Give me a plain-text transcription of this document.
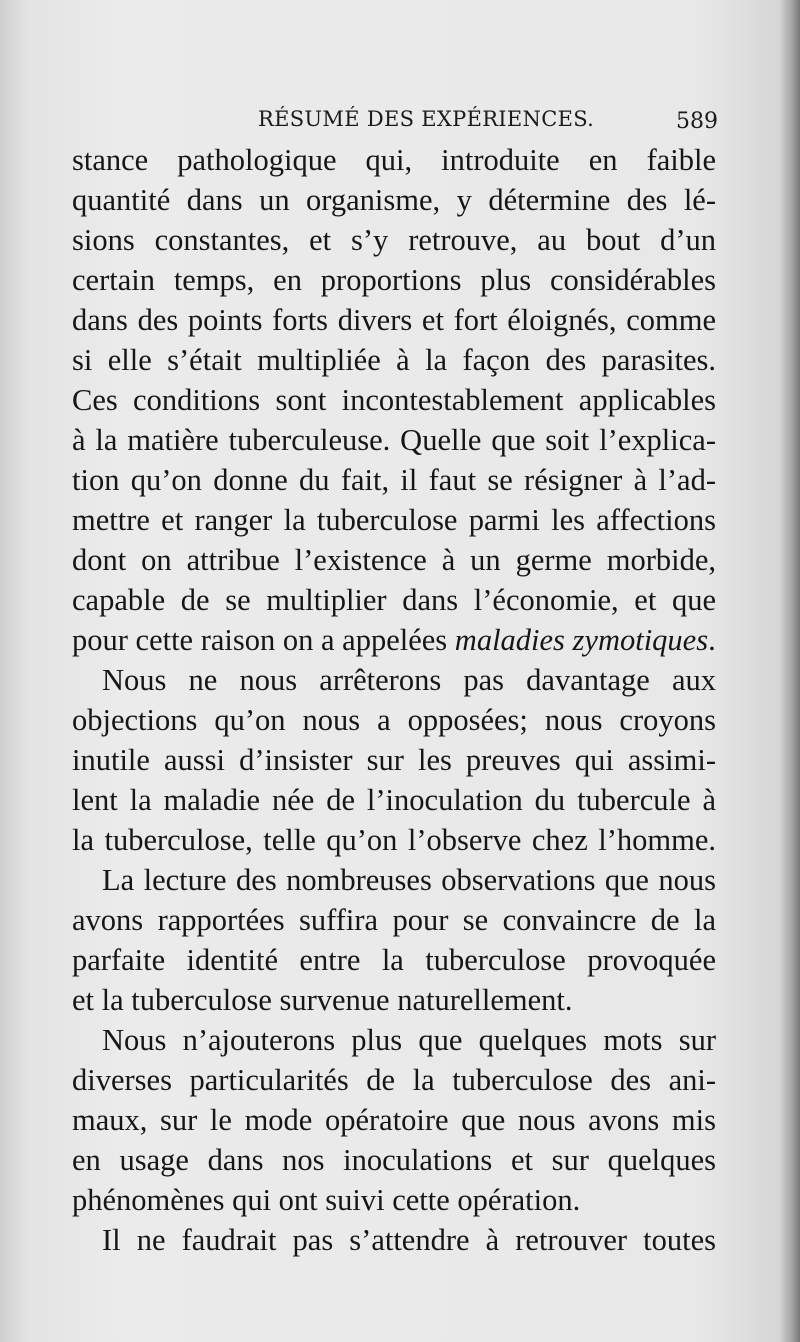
RÉSUMÉ DES EXPÉRIENCES.	589
stance pathologique qui, introduite en faible
quantité dans un organisme, y détermine des lé-
sions constantes, et s’y retrouve, au bout d’un
certain temps, en proportions plus considérables
dans des points forts divers et fort éloignés, comme
si elle s’était multipliée à la façon des parasites.
Ces conditions sont incontestablement applicables
à la matière tuberculeuse. Quelle que soit l’explica-
tion qu’on donne du fait, il faut se résigner à l’ad-
mettre et ranger la tuberculose parmi les affections
dont on attribue l’existence à un germe morbide,
capable de se multiplier dans l’économie, et que
pour cette raison on a appelées maladies zymotiques.
Nous ne nous arrêterons pas davantage aux
objections qu’on nous a opposées; nous croyons
inutile aussi d’insister sur les preuves qui assimi-
lent la maladie née de l’inoculation du tubercule à
la tuberculose, telle qu’on l’observe chez l’homme.
La lecture des nombreuses observations que nous
avons rapportées suffira pour se convaincre de la
parfaite identité entre la tuberculose provoquée
et la tuberculose survenue naturellement.
Nous n’ajouterons plus que quelques mots sur
diverses particularités de la tuberculose des ani-
maux, sur le mode opératoire que nous avons mis
en usage dans nos inoculations et sur quelques
phénomènes qui ont suivi cette opération.
Il ne faudrait pas s’attendre à retrouver toutes
